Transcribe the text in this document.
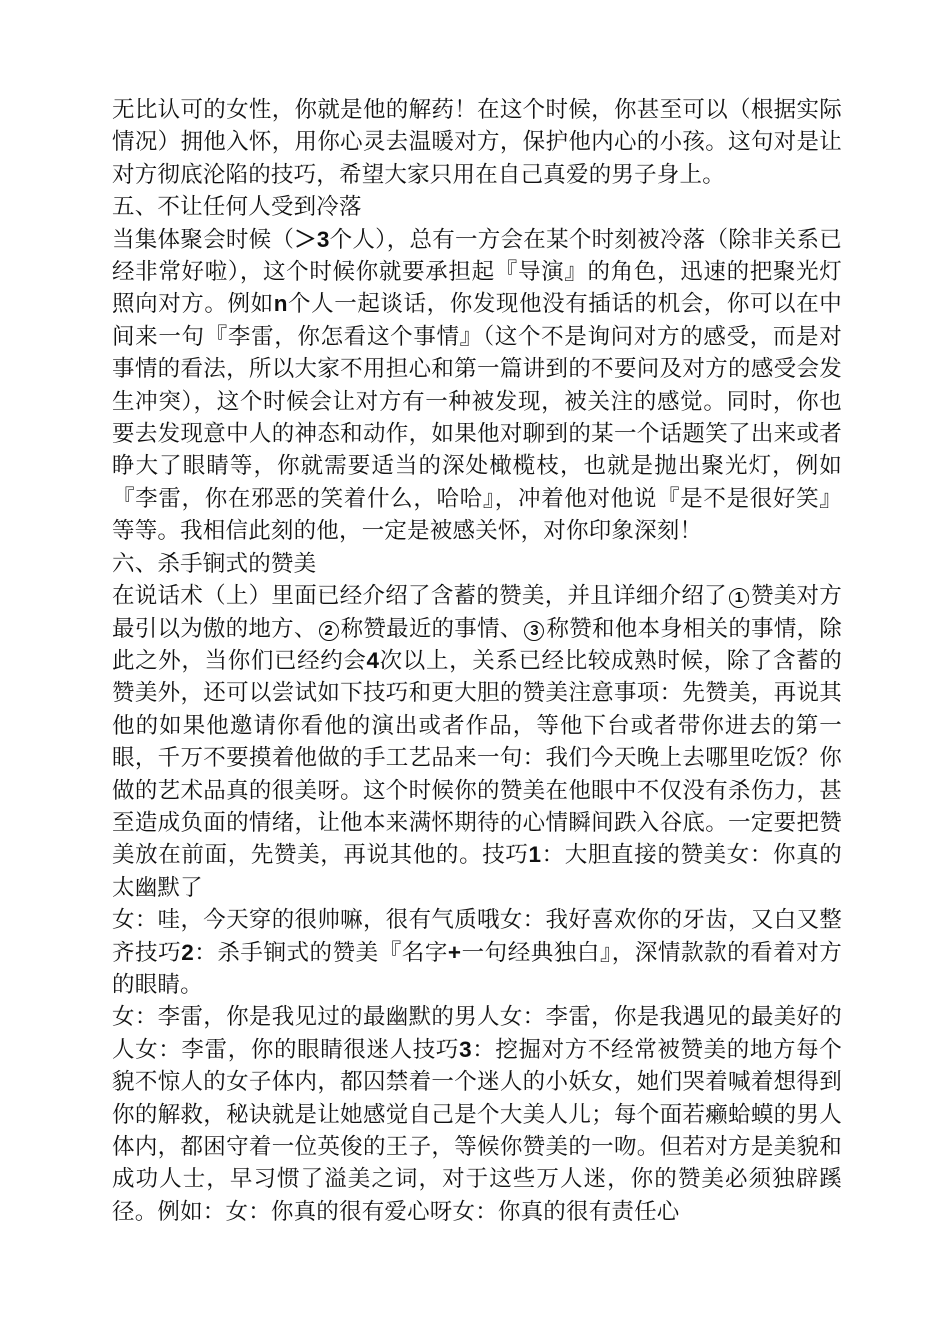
无比认可的女性，你就是他的解药！在这个时候，你甚至可以（根据实际情况）拥他入怀，用你心灵去温暖对方，保护他内心的小孩。这句对是让对方彻底沦陷的技巧，希望大家只用在自己真爱的男子身上。

五、不让任何人受到冷落

当集体聚会时候（＞3个人），总有一方会在某个时刻被冷落（除非关系已经非常好啦），这个时候你就要承担起『导演』的角色，迅速的把聚光灯照向对方。例如n个人一起谈话，你发现他没有插话的机会，你可以在中间来一句『李雷，你怎看这个事情』（这个不是询问对方的感受，而是对事情的看法，所以大家不用担心和第一篇讲到的不要问及对方的感受会发生冲突），这个时候会让对方有一种被发现，被关注的感觉。同时，你也要去发现意中人的神态和动作，如果他对聊到的某一个话题笑了出来或者睁大了眼睛等，你就需要适当的深处橄榄枝，也就是抛出聚光灯，例如『李雷，你在邪恶的笑着什么，哈哈』，冲着他对他说『是不是很好笑』等等。我相信此刻的他，一定是被感关怀，对你印象深刻！

六、杀手锏式的赞美

在说话术（上）里面已经介绍了含蓄的赞美，并且详细介绍了 1 赞美对方最引以为傲的地方、 2 称赞最近的事情、 3 称赞和他本身相关的事情，除此之外，当你们已经约会4次以上，关系已经比较成熟时候，除了含蓄的赞美外，还可以尝试如下技巧和更大胆的赞美注意事项：先赞美，再说其他的如果他邀请你看他的演出或者作品，等他下台或者带你进去的第一眼，千万不要摸着他做的手工艺品来一句：我们今天晚上去哪里吃饭？你做的艺术品真的很美呀。这个时候你的赞美在他眼中不仅没有杀伤力，甚至造成负面的情绪，让他本来满怀期待的心情瞬间跌入谷底。一定要把赞美放在前面，先赞美，再说其他的。技巧1：大胆直接的赞美女：你真的太幽默了

女：哇，今天穿的很帅嘛，很有气质哦女：我好喜欢你的牙齿，又白又整齐技巧2：杀手锏式的赞美『名字+一句经典独白』，深情款款的看着对方的眼睛。

女：李雷，你是我见过的最幽默的男人女：李雷，你是我遇见的最美好的人女：李雷，你的眼睛很迷人技巧3：挖掘对方不经常被赞美的地方每个貌不惊人的女子体内，都囚禁着一个迷人的小妖女，她们哭着喊着想得到你的解救，秘诀就是让她感觉自己是个大美人儿；每个面若癞蛤蟆的男人体内，都困守着一位英俊的王子，等候你赞美的一吻。但若对方是美貌和成功人士，早习惯了溢美之词，对于这些万人迷，你的赞美必须独辟蹊径。例如：女：你真的很有爱心呀女：你真的很有责任心
